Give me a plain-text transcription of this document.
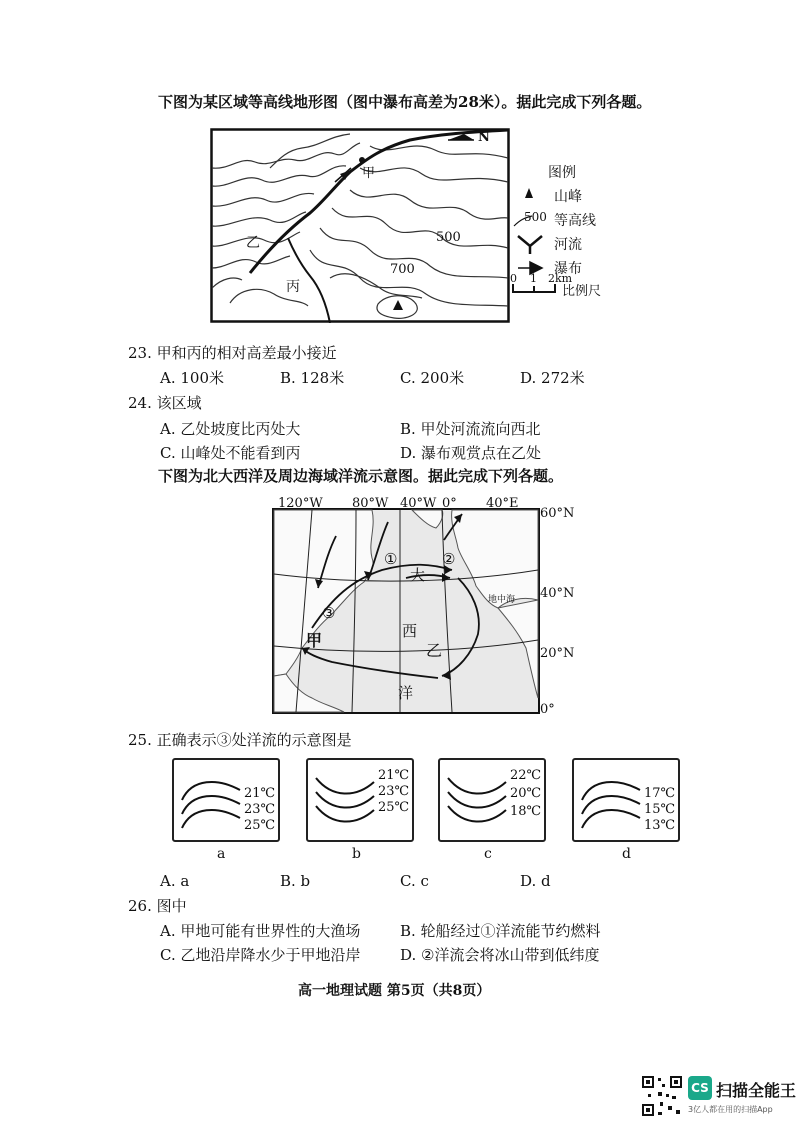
下图为某区域等高线地形图（图中瀑布高差为28米）。据此完成下列各题。
N
甲
乙
丙
500
700
图例
山峰
500 等高线
河流
瀑布
0 1 2km
比例尺
23. 甲和丙的相对高差最小接近
A. 100米	B. 128米	C. 200米	D. 272米
24. 该区域
A. 乙处坡度比丙处大	B. 甲处河流流向西北
C. 山峰处不能看到丙	D. 瀑布观赏点在乙处
下图为北大西洋及周边海域洋流示意图。据此完成下列各题。
120°W 80°W 40°W 0° 40°E
60°N
40°N
20°N
0°
①	②
③
大
西
洋
甲
乙
地中海
25. 正确表示③处洋流的示意图是
21℃
23℃
25℃
a
21℃
23℃
25℃
b
22℃
20℃
18℃
c
17℃
15℃
13℃
d
A. a	B. b	C. c	D. d
26. 图中
A. 甲地可能有世界性的大渔场	B. 轮船经过①洋流能节约燃料
C. 乙地沿岸降水少于甲地沿岸	D. ②洋流会将冰山带到低纬度
高一地理试题 第5页（共8页）
CS 扫描全能王
3亿人都在用的扫描App
